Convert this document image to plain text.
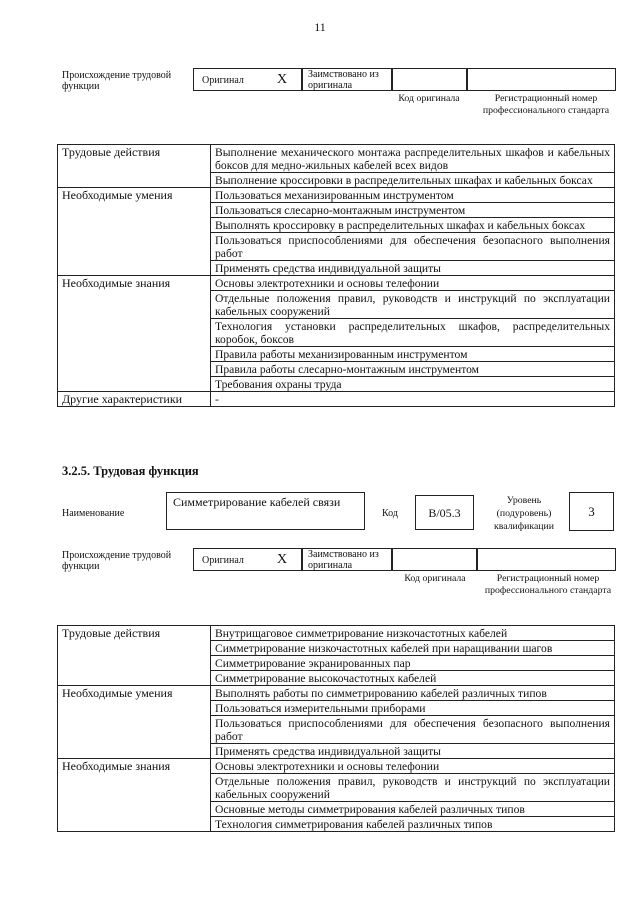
11
Происхождение трудовой функции
Оригинал X Заимствовано из оригинала
Код оригинала	Регистрационный номер профессионального стандарта
Трудовые действия	Выполнение механического монтажа распределительных шкафов и кабельных боксов для медно-жильных кабелей всех видов
	Выполнение кроссировки в распределительных шкафах и кабельных боксах
Необходимые умения	Пользоваться механизированным инструментом
	Пользоваться слесарно-монтажным инструментом
	Выполнять кроссировку в распределительных шкафах и кабельных боксах
	Пользоваться приспособлениями для обеспечения безопасного выполнения работ
	Применять средства индивидуальной защиты
Необходимые знания	Основы электротехники и основы телефонии
	Отдельные положения правил, руководств и инструкций по эксплуатации кабельных сооружений
	Технология установки распределительных шкафов, распределительных коробок, боксов
	Правила работы механизированным инструментом
	Правила работы слесарно-монтажным инструментом
	Требования охраны труда
Другие характеристики	-
3.2.5. Трудовая функция
Наименование
Симметрирование кабелей связи
Код	B/05.3
Уровень (подуровень) квалификации
3
Происхождение трудовой функции
Оригинал X Заимствовано из оригинала
Код оригинала	Регистрационный номер профессионального стандарта
Трудовые действия	Внутрищаговое симметрирование низкочастотных кабелей
	Симметрирование низкочастотных кабелей при наращивании шагов
	Симметрирование экранированных пар
	Симметрирование высокочастотных кабелей
Необходимые умения	Выполнять работы по симметрированию кабелей различных типов
	Пользоваться измерительными приборами
	Пользоваться приспособлениями для обеспечения безопасного выполнения работ
	Применять средства индивидуальной защиты
Необходимые знания	Основы электротехники и основы телефонии
	Отдельные положения правил, руководств и инструкций по эксплуатации кабельных сооружений
	Основные методы симметрирования кабелей различных типов
	Технология симметрирования кабелей различных типов
